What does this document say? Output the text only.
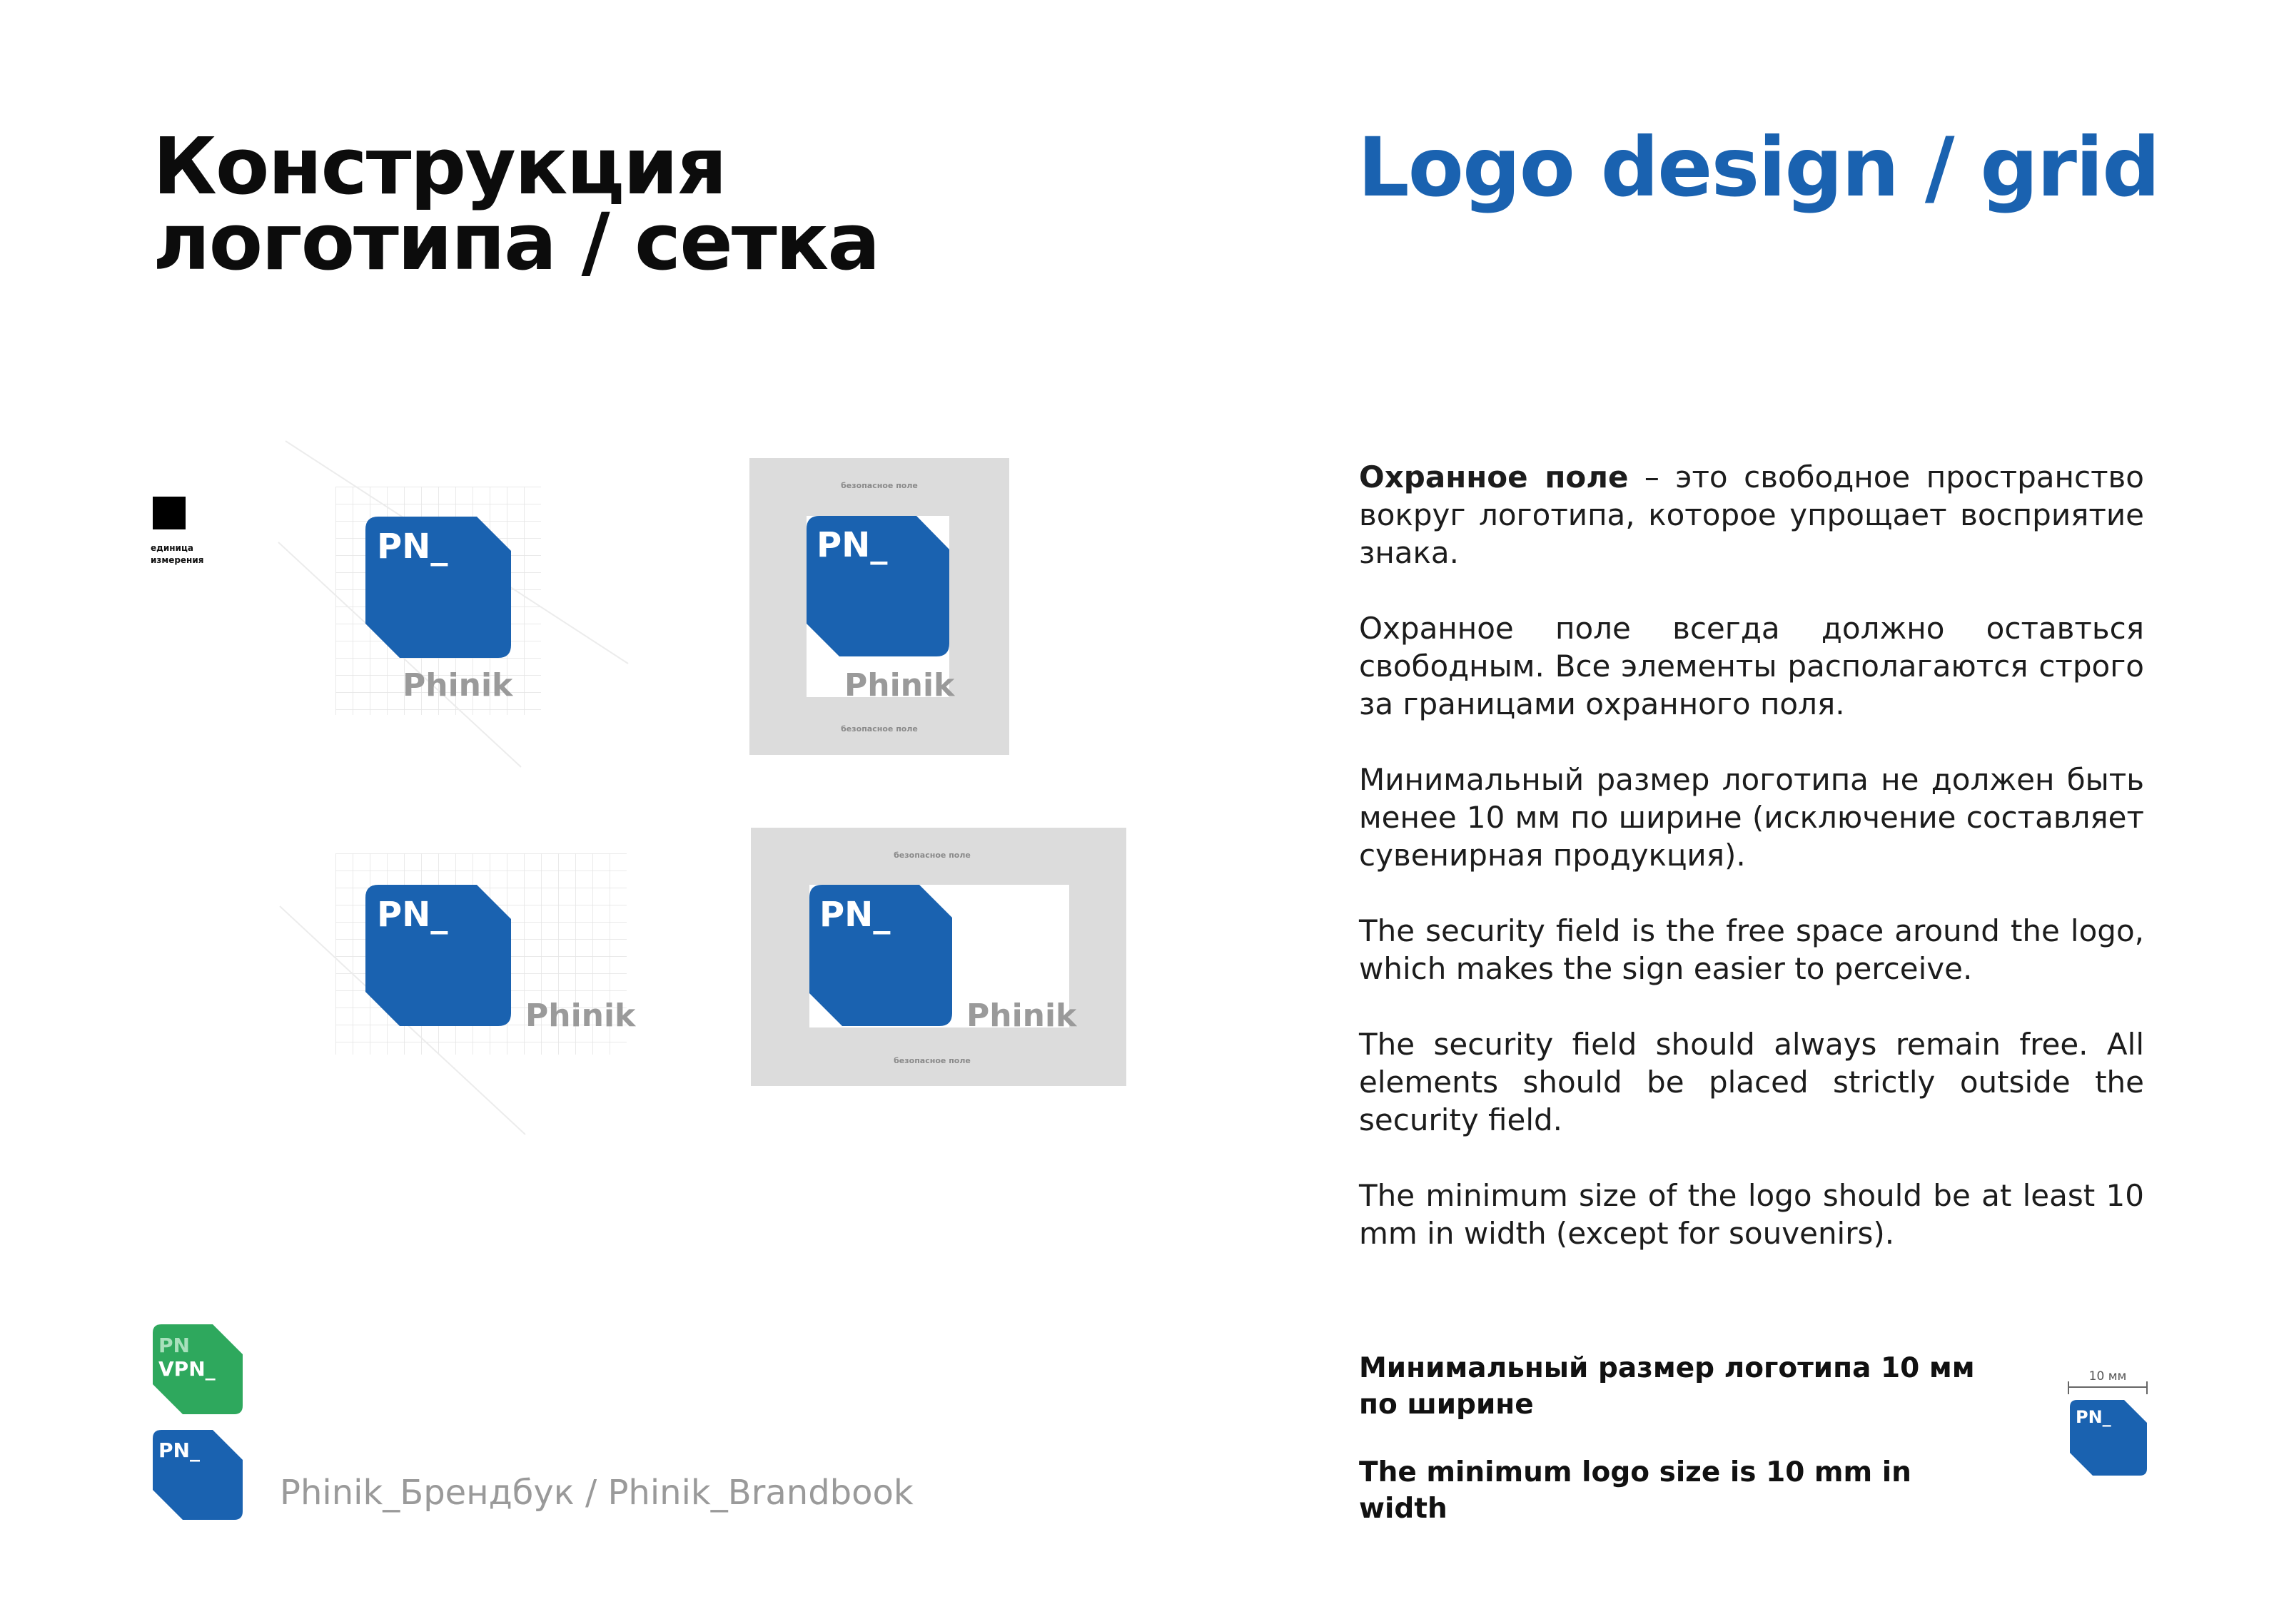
Конструкция
логотипа / сетка
Logo design / grid
единица
измерения	PN_
Phinik
безопасное поле
безопасное поле
PN_
Phinik
PN_
Phinik
безопасное поле
безопасное поле
PN_
Phinik
PN
VPN_
PN_

Охранное поле – это свободное пространство вокруг логотипа, которое упрощает восприятие знака.

Охранное поле всегда должно оставться свободным. Все элементы располагаются строго за границами охранного поля.

Минимальный размер логотипа не должен быть менее 10 мм по ширине (исключение составляет сувенирная продукция).

The security field is the free space around the logo, which makes the sign easier to perceive.

The security field should always remain free. All elements should be placed strictly outside the security field.

The minimum size of the logo should be at least 10 mm in width (except for souvenirs).

Минимальный размер логотипа 10 мм по ширине

The minimum logo size is 10 mm in width

10 мм
PN_
Phinik_Брендбук / Phinik_Brandbook
